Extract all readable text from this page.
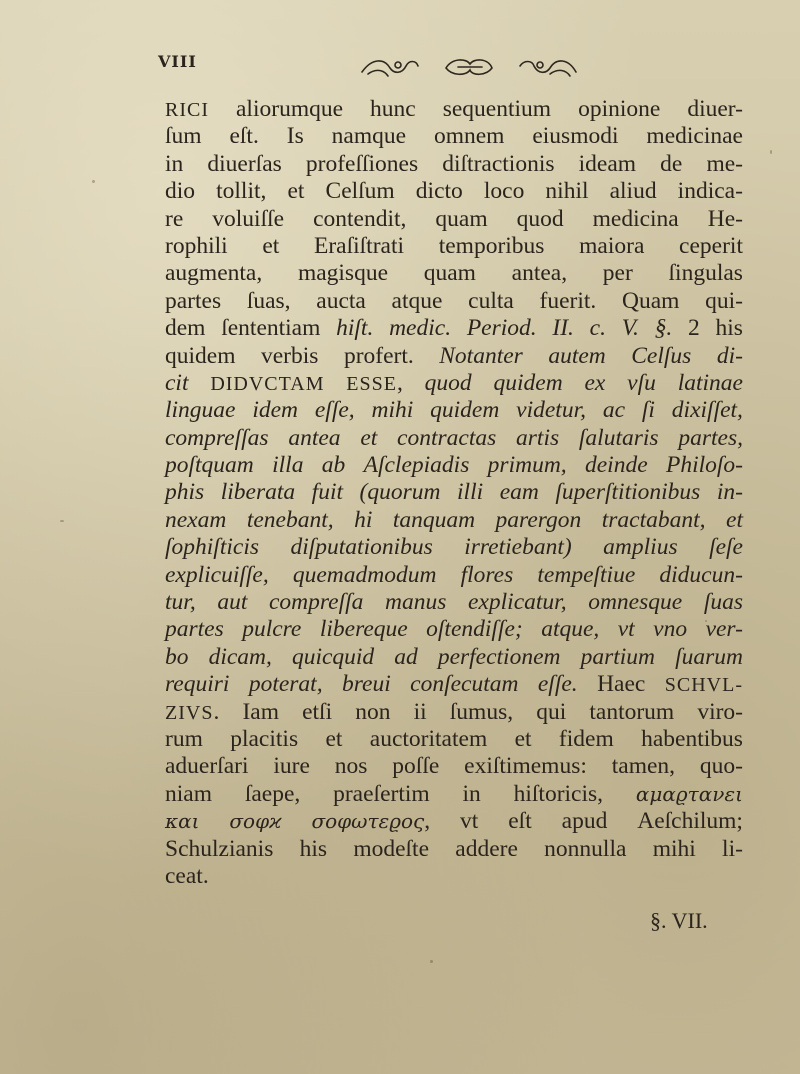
VIII
RICI aliorumque hunc sequentium opinione diuer-
ſum eſt. Is namque omnem eiusmodi medicinae
in diuerſas profeſſiones diſtractionis ideam de me-
dio tollit, et Celſum dicto loco nihil aliud indica-
re voluiſſe contendit, quam quod medicina He-
rophili et Eraſiſtrati temporibus maiora ceperit
augmenta, magisque quam antea, per ſingulas
partes ſuas, aucta atque culta fuerit. Quam qui-
dem ſententiam hiſt. medic. Period. II. c. V. §. 2 his
quidem verbis profert. Notanter autem Celſus di-
cit DIDVCTAM ESSE, quod quidem ex vſu latinae
linguae idem eſſe, mihi quidem videtur, ac ſi dixiſſet,
compreſſas antea et contractas artis ſalutaris partes,
poſtquam illa ab Aſclepiadis primum, deinde Philoſo-
phis liberata fuit (quorum illi eam ſuperſtitionibus in-
nexam tenebant, hi tanquam parergon tractabant, et
ſophiſticis diſputationibus irretiebant) amplius ſeſe
explicuiſſe, quemadmodum flores tempeſtiue diducun-
tur, aut compreſſa manus explicatur, omnesque ſuas
partes pulcre libereque oſtendiſſe; atque, vt vno ver-
bo dicam, quicquid ad perfectionem partium ſuarum
requiri poterat, breui conſecutam eſſe. Haec SCHVL-
ZIVS. Iam etſi non ii ſumus, qui tantorum viro-
rum placitis et auctoritatem et fidem habentibus
aduerſari iure nos poſſe exiſtimemus: tamen, quo-
niam ſaepe, praeſertim in hiſtoricis, αμαϱτανει
και σοφϰ σοφωτεϱος, vt eſt apud Aeſchilum;
Schulzianis his modeſte addere nonnulla mihi li-
ceat.
§. VII.
